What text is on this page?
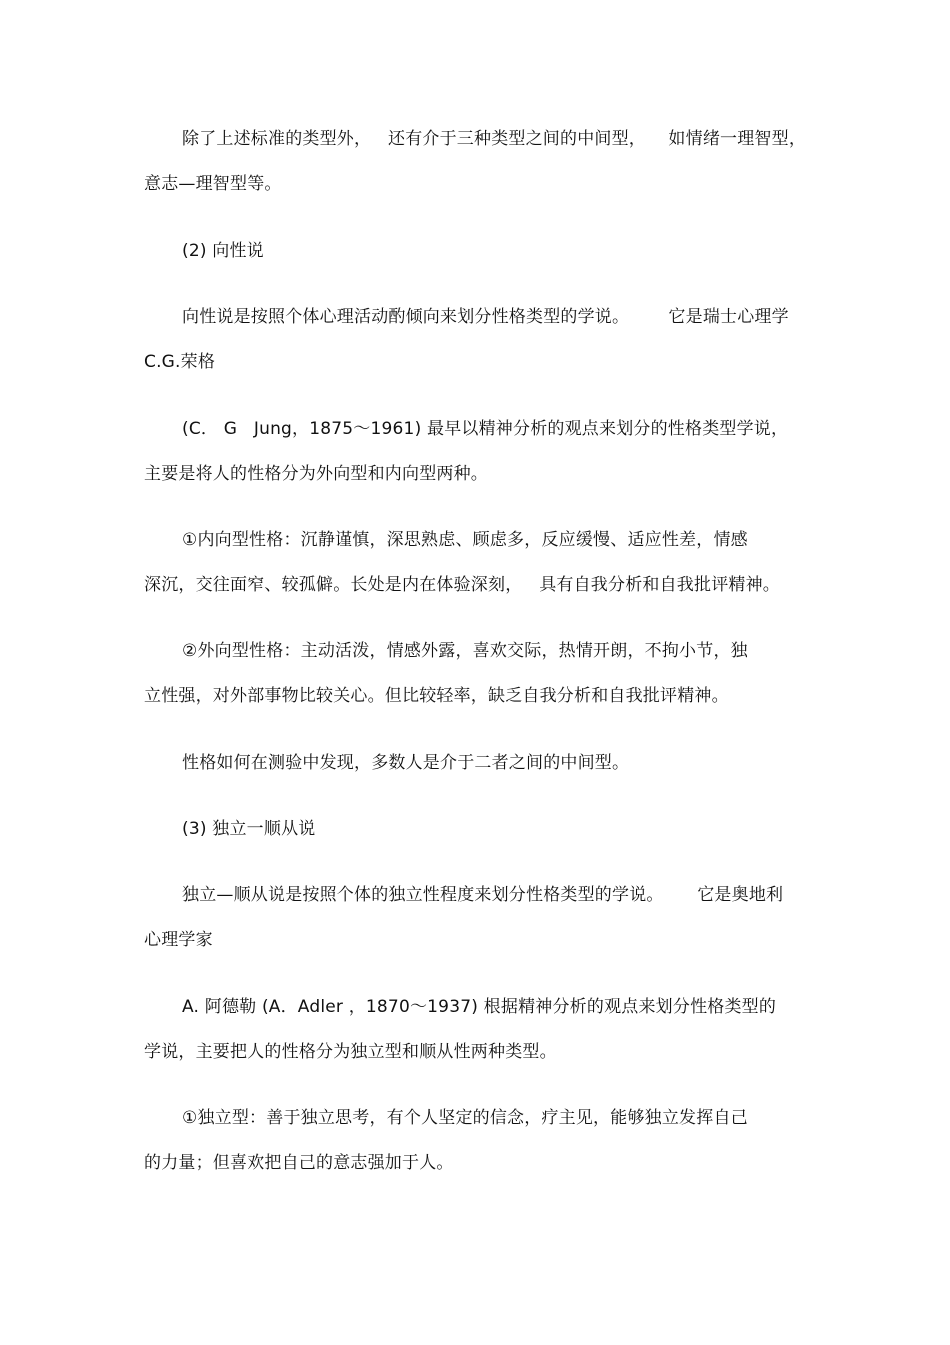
除了上述标准的类型外，   还有介于三种类型之间的中间型，    如情绪一理智型，
意志—理智型等。
(2) 向性说
向性说是按照个体心理活动酌倾向来划分性格类型的学说。       它是瑞士心理学
C.G.荣格
(C． G   Jung，1875～1961) 最早以精神分析的观点来划分的性格类型学说，
主要是将人的性格分为外向型和内向型两种。
①内向型性格：沉静谨慎，深思熟虑、顾虑多，反应缓慢、适应性差，情感
深沉，交往面窄、较孤僻。长处是内在体验深刻，   具有自我分析和自我批评精神。
②外向型性格：主动活泼，情感外露，喜欢交际，热情开朗，不拘小节，独
立性强，对外部事物比较关心。但比较轻率，缺乏自我分析和自我批评精神。
性格如何在测验中发现，多数人是介于二者之间的中间型。
(3) 独立一顺从说
独立—顺从说是按照个体的独立性程度来划分性格类型的学说。      它是奥地利
心理学家
A. 阿德勒 (A．Adler ，1870～1937) 根据精神分析的观点来划分性格类型的
学说，主要把人的性格分为独立型和顺从性两种类型。
①独立型：善于独立思考，有个人坚定的信念，疗主见，能够独立发挥自己
的力量；但喜欢把自己的意志强加于人。
